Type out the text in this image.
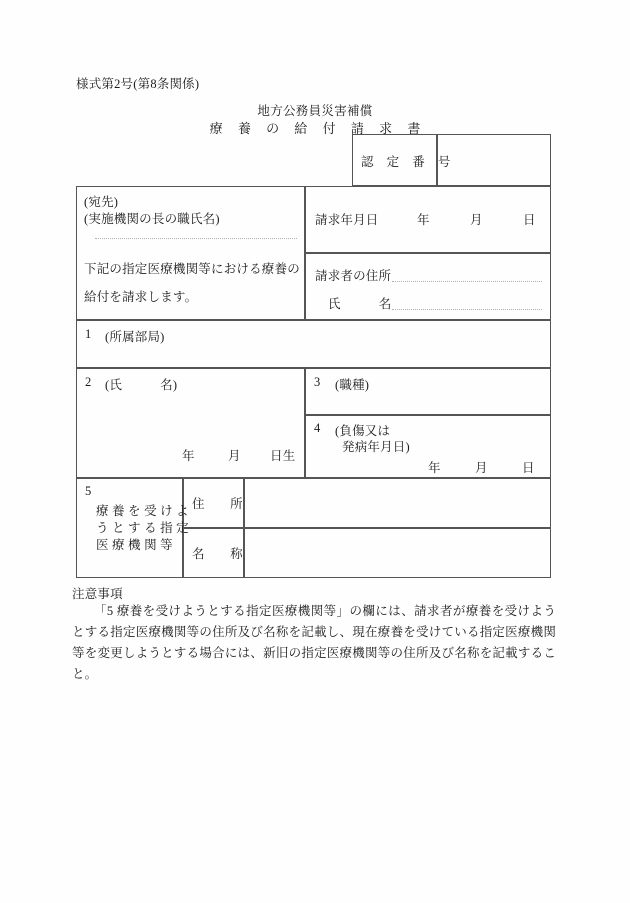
様式第2号(第8条関係)
地方公務員災害補償
療 養 の 給 付 請 求 書
認 定 番 号
(宛先)
(実施機関の長の職氏名)
下記の指定医療機関等における療養の
給付を請求します。
請求年月日	年	月	日
請求者の住所
氏　　　名
1 (所属部局)
2 (氏　　　名)
年	月 日生
3 (職種)
4 (負傷又は
発病年月日)
年	月	日
5
療 養 を 受 け よ
う と す る 指 定
医 療 機 関 等
住　　所
名　　称
注意事項
「5 療養を受けようとする指定医療機関等」の欄には、請求者が療養を受けようとする指定医療機関等の住所及び名称を記載し、現在療養を受けている指定医療機関等を変更しようとする場合には、新旧の指定医療機関等の住所及び名称を記載すること。
